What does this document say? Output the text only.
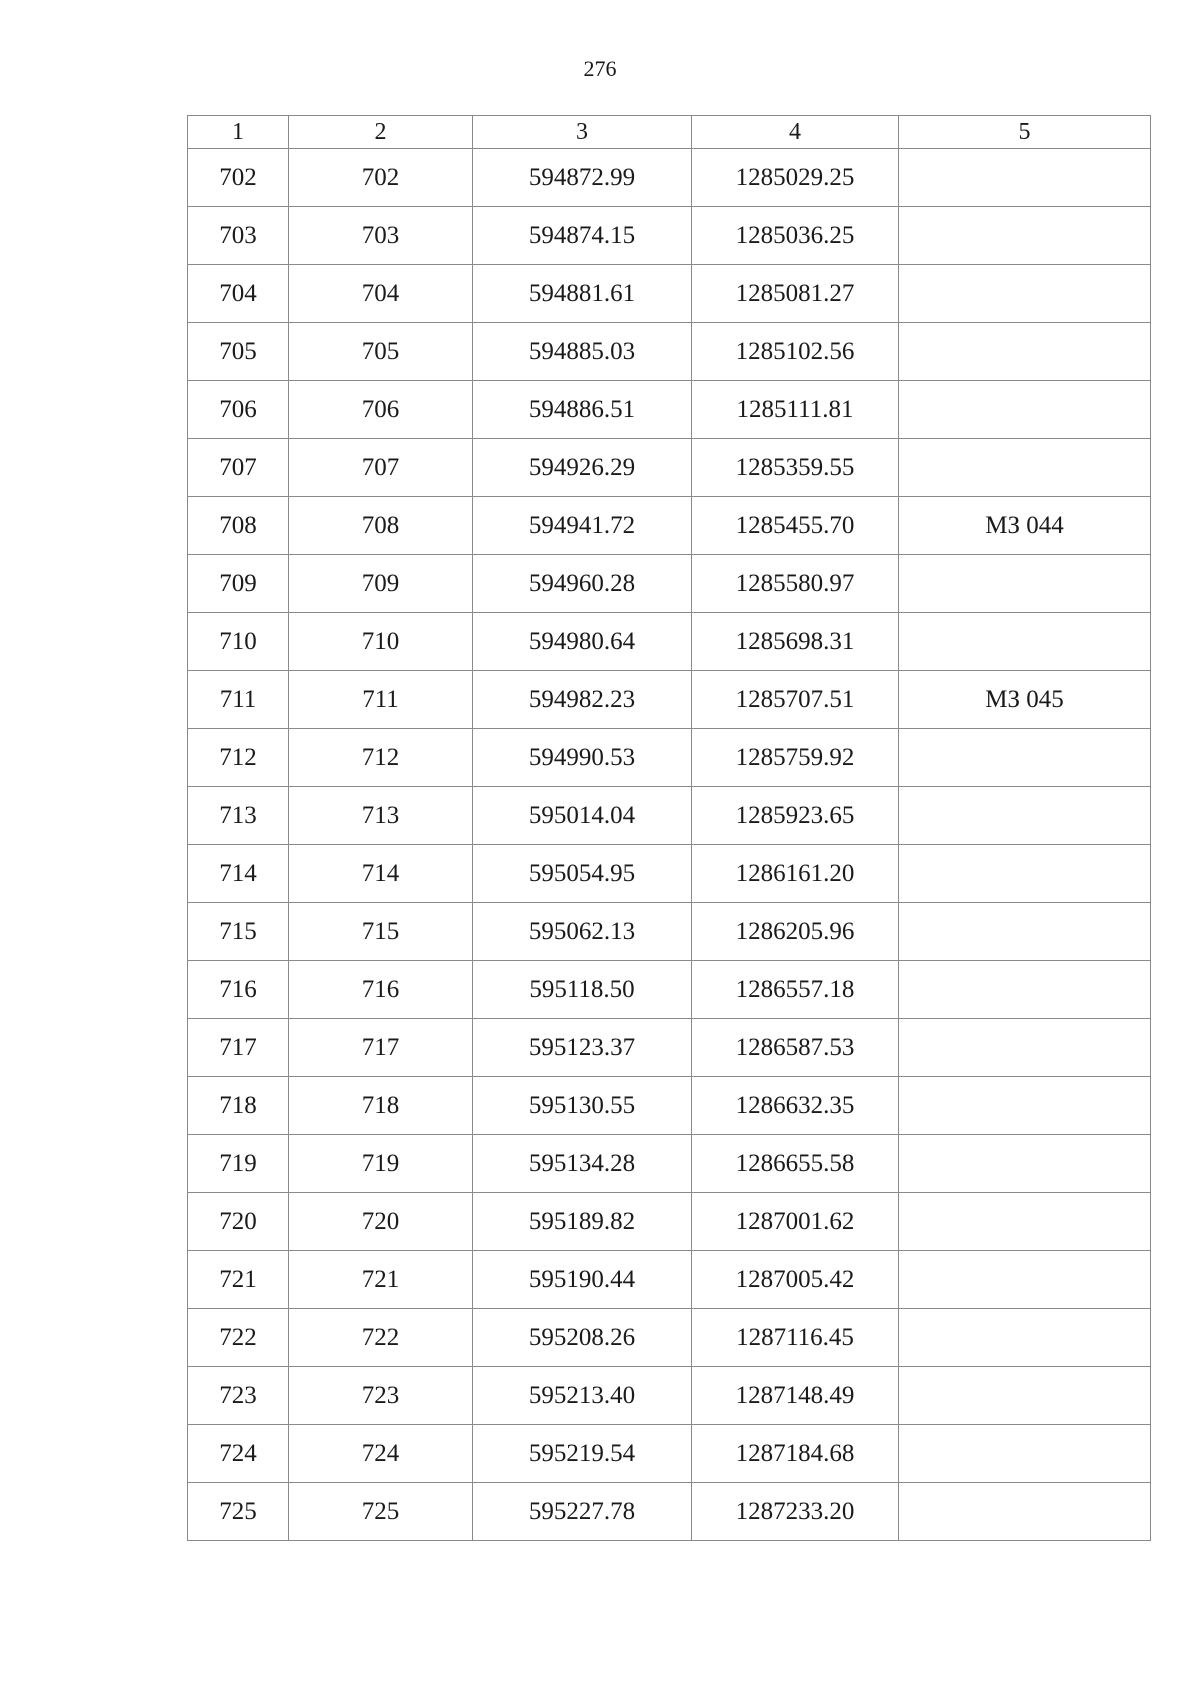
276
1	2	3	4	5
702	702	594872.99	1285029.25	
703	703	594874.15	1285036.25	
704	704	594881.61	1285081.27	
705	705	594885.03	1285102.56	
706	706	594886.51	1285111.81	
707	707	594926.29	1285359.55	
708	708	594941.72	1285455.70	МЗ 044
709	709	594960.28	1285580.97	
710	710	594980.64	1285698.31	
711	711	594982.23	1285707.51	МЗ 045
712	712	594990.53	1285759.92	
713	713	595014.04	1285923.65	
714	714	595054.95	1286161.20	
715	715	595062.13	1286205.96	
716	716	595118.50	1286557.18	
717	717	595123.37	1286587.53	
718	718	595130.55	1286632.35	
719	719	595134.28	1286655.58	
720	720	595189.82	1287001.62	
721	721	595190.44	1287005.42	
722	722	595208.26	1287116.45	
723	723	595213.40	1287148.49	
724	724	595219.54	1287184.68	
725	725	595227.78	1287233.20	
